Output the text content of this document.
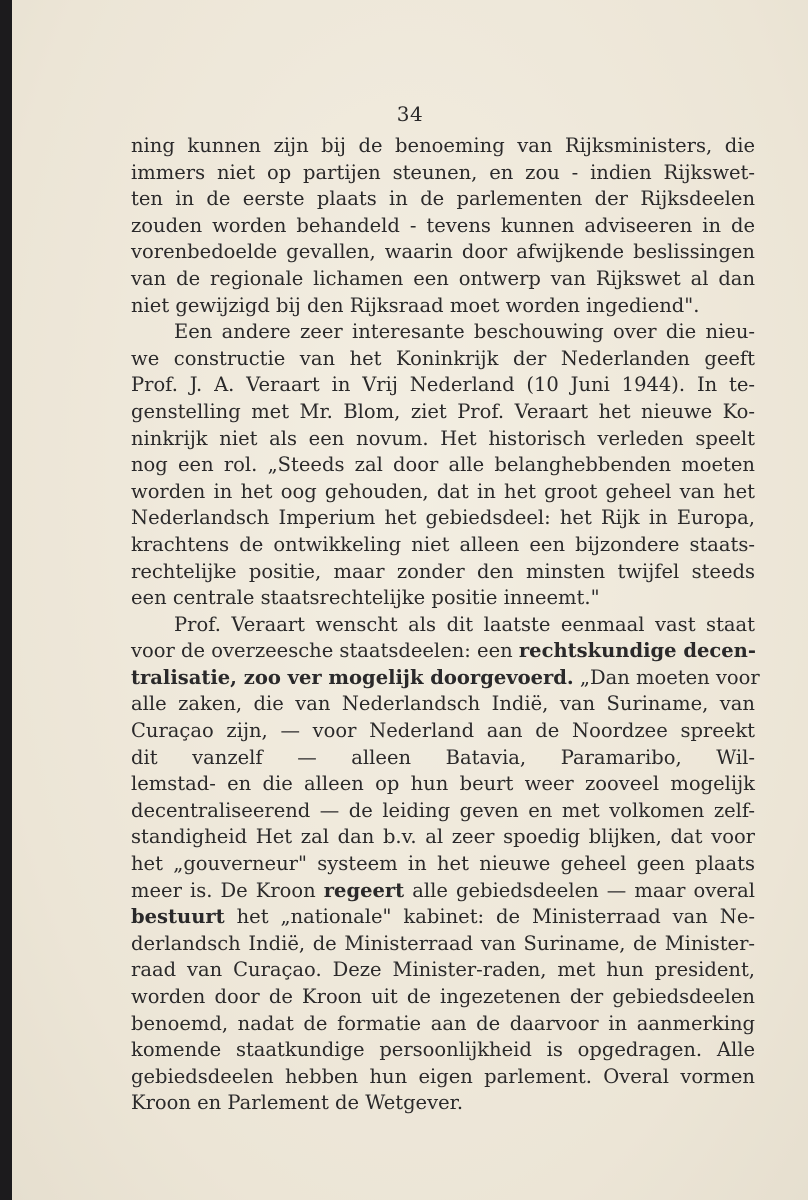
34
ning kunnen zijn bij de benoeming van Rijksministers, die
immers niet op partijen steunen, en zou - indien Rijkswet-
ten in de eerste plaats in de parlementen der Rijksdeelen
zouden worden behandeld - tevens kunnen adviseeren in de
vorenbedoelde gevallen, waarin door afwijkende beslissingen
van de regionale lichamen een ontwerp van Rijkswet al dan
niet gewijzigd bij den Rijksraad moet worden ingediend".
Een andere zeer interesante beschouwing over die nieu-
we constructie van het Koninkrijk der Nederlanden geeft
Prof. J. A. Veraart in Vrij Nederland (10 Juni 1944). In te-
genstelling met Mr. Blom, ziet Prof. Veraart het nieuwe Ko-
ninkrijk niet als een novum. Het historisch verleden speelt
nog een rol. „Steeds zal door alle belanghebbenden moeten
worden in het oog gehouden, dat in het groot geheel van het
Nederlandsch Imperium het gebiedsdeel: het Rijk in Europa,
krachtens de ontwikkeling niet alleen een bijzondere staats-
rechtelijke positie, maar zonder den minsten twijfel steeds
een centrale staatsrechtelijke positie inneemt."
Prof. Veraart wenscht als dit laatste eenmaal vast staat
voor de overzeesche staatsdeelen: een rechtskundige decen-
tralisatie, zoo ver mogelijk doorgevoerd. „Dan moeten voor
alle zaken, die van Nederlandsch Indië, van Suriname, van
Curaçao zijn, — voor Nederland aan de Noordzee spreekt
dit vanzelf — alleen Batavia, Paramaribo, Wil-
lemstad- en die alleen op hun beurt weer zooveel mogelijk
decentraliseerend — de leiding geven en met volkomen zelf-
standigheid Het zal dan b.v. al zeer spoedig blijken, dat voor
het „gouverneur" systeem in het nieuwe geheel geen plaats
meer is. De Kroon regeert alle gebiedsdeelen — maar overal
bestuurt het „nationale" kabinet: de Ministerraad van Ne-
derlandsch Indië, de Ministerraad van Suriname, de Minister-
raad van Curaçao. Deze Minister-raden, met hun president,
worden door de Kroon uit de ingezetenen der gebiedsdeelen
benoemd, nadat de formatie aan de daarvoor in aanmerking
komende staatkundige persoonlijkheid is opgedragen. Alle
gebiedsdeelen hebben hun eigen parlement. Overal vormen
Kroon en Parlement de Wetgever.
